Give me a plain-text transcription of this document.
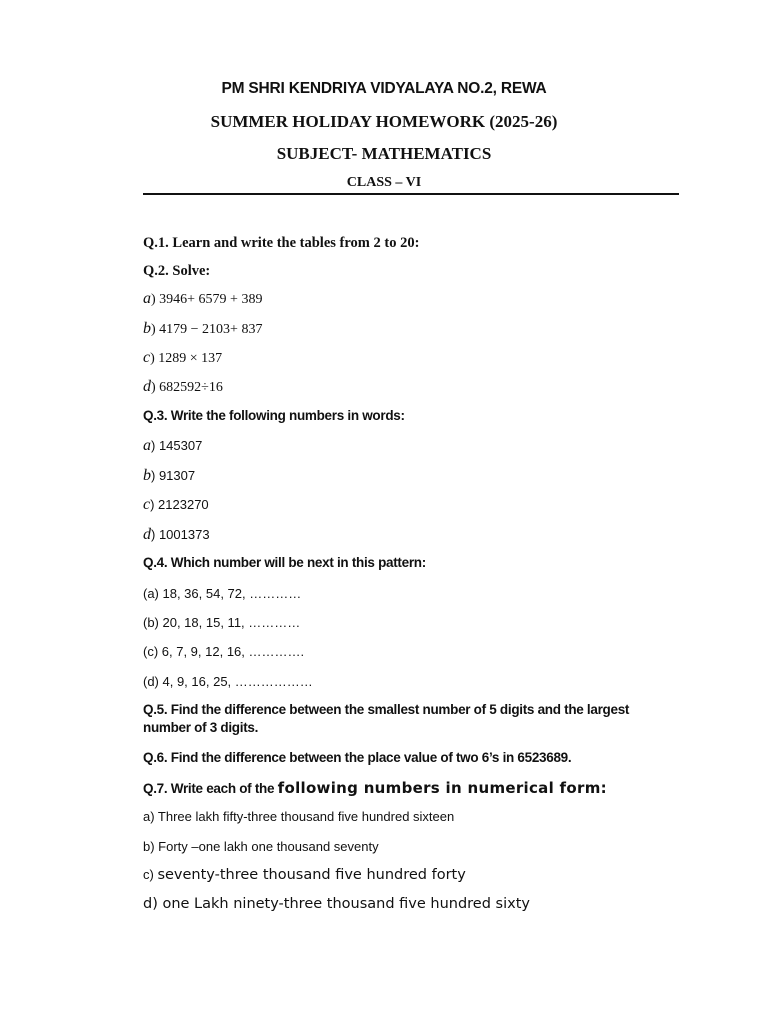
PM SHRI KENDRIYA VIDYALAYA NO.2, REWA
SUMMER HOLIDAY HOMEWORK (2025-26)
SUBJECT- MATHEMATICS
CLASS – VI
Q.1. Learn and write the tables from 2 to 20:
Q.2. Solve:
a) 3946+ 6579 + 389
b) 4179 − 2103+ 837
c) 1289 × 137
d) 682592÷16
Q.3. Write the following numbers in words:
a) 145307
b) 91307
c) 2123270
d) 1001373
Q.4. Which number will be next in this pattern:
(a) 18, 36, 54, 72, …………
(b) 20, 18, 15, 11, …………
(c) 6, 7, 9, 12, 16, ………….
(d) 4, 9, 16, 25, ………………
Q.5. Find the difference between the smallest number of 5 digits and the largest
number of 3 digits.
Q.6. Find the difference between the place value of two 6’s in 6523689.
Q.7. Write each of the following numbers in numerical form:
a) Three lakh fifty-three thousand five hundred sixteen
b) Forty –one lakh one thousand seventy
c) seventy-three thousand five hundred forty
d) one Lakh ninety-three thousand five hundred sixty
